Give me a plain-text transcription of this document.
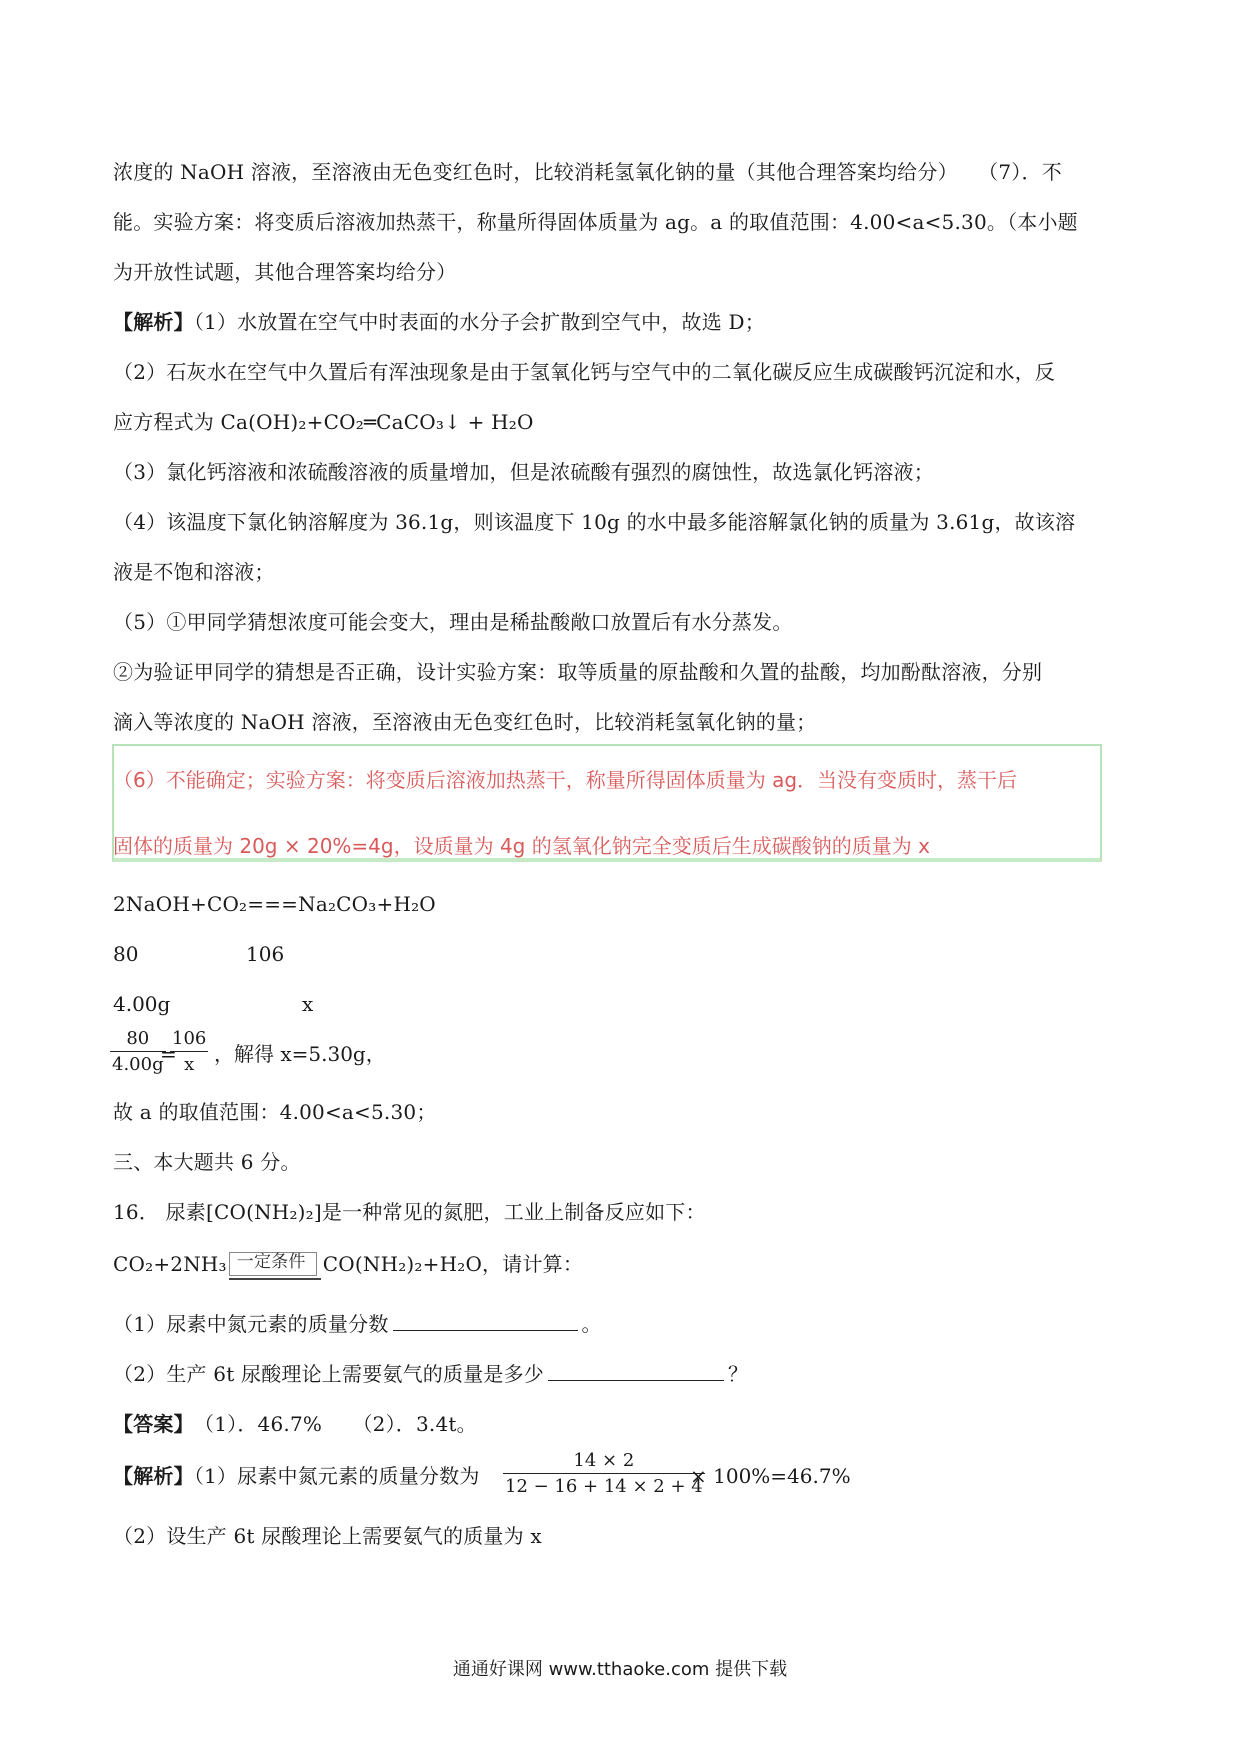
浓度的 NaOH 溶液，至溶液由无色变红色时，比较消耗氢氧化钠的量（其他合理答案均给分）　　（7）．不
能。实验方案：将变质后溶液加热蒸干，称量所得固体质量为 ag。a 的取值范围：4.00<a<5.30。（本小题
为开放性试题，其他合理答案均给分）
【解析】（1）水放置在空气中时表面的水分子会扩散到空气中，故选 D；
（2）石灰水在空气中久置后有浑浊现象是由于氢氧化钙与空气中的二氧化碳反应生成碳酸钙沉淀和水，反
应方程式为 Ca(OH)₂+CO₂═CaCO₃↓ + H₂O
（3）氯化钙溶液和浓硫酸溶液的质量增加，但是浓硫酸有强烈的腐蚀性，故选氯化钙溶液；
（4）该温度下氯化钠溶解度为 36.1g，则该温度下 10g 的水中最多能溶解氯化钠的质量为 3.61g，故该溶
液是不饱和溶液；
（5）①甲同学猜想浓度可能会变大，理由是稀盐酸敞口放置后有水分蒸发。
②为验证甲同学的猜想是否正确，设计实验方案：取等质量的原盐酸和久置的盐酸，均加酚酞溶液，分别
滴入等浓度的 NaOH 溶液，至溶液由无色变红色时，比较消耗氢氧化钠的量；
（6）不能确定；实验方案：将变质后溶液加热蒸干，称量所得固体质量为 ag．当没有变质时，蒸干后
固体的质量为 20g × 20%=4g，设质量为 4g 的氢氧化钠完全变质后生成碳酸钠的质量为 x
2NaOH+CO₂===Na₂CO₃+H₂O
80	106
4.00g	x
80
4.00g
=
106
x ，解得 x=5.30g，
故 a 的取值范围：4.00<a<5.30；
三、本大题共 6 分。
16． 尿素[CO(NH₂)₂]是一种常见的氮肥，工业上制备反应如下：
CO₂+2NH₃ 一定条件 CO(NH₂)₂+H₂O，请计算：
（1）尿素中氮元素的质量分数	。
（2）生产 6t 尿酸理论上需要氨气的质量是多少	？
【答案】　 （1）．46.7%　　（2）．3.4t。
【解析】（1）尿素中氮元素的质量分数为
14 × 2
12 − 16 + 14 × 2 + 4
× 100%=46.7%
（2）设生产 6t 尿酸理论上需要氨气的质量为 x
通通好课网 www.tthaoke.com 提供下载
